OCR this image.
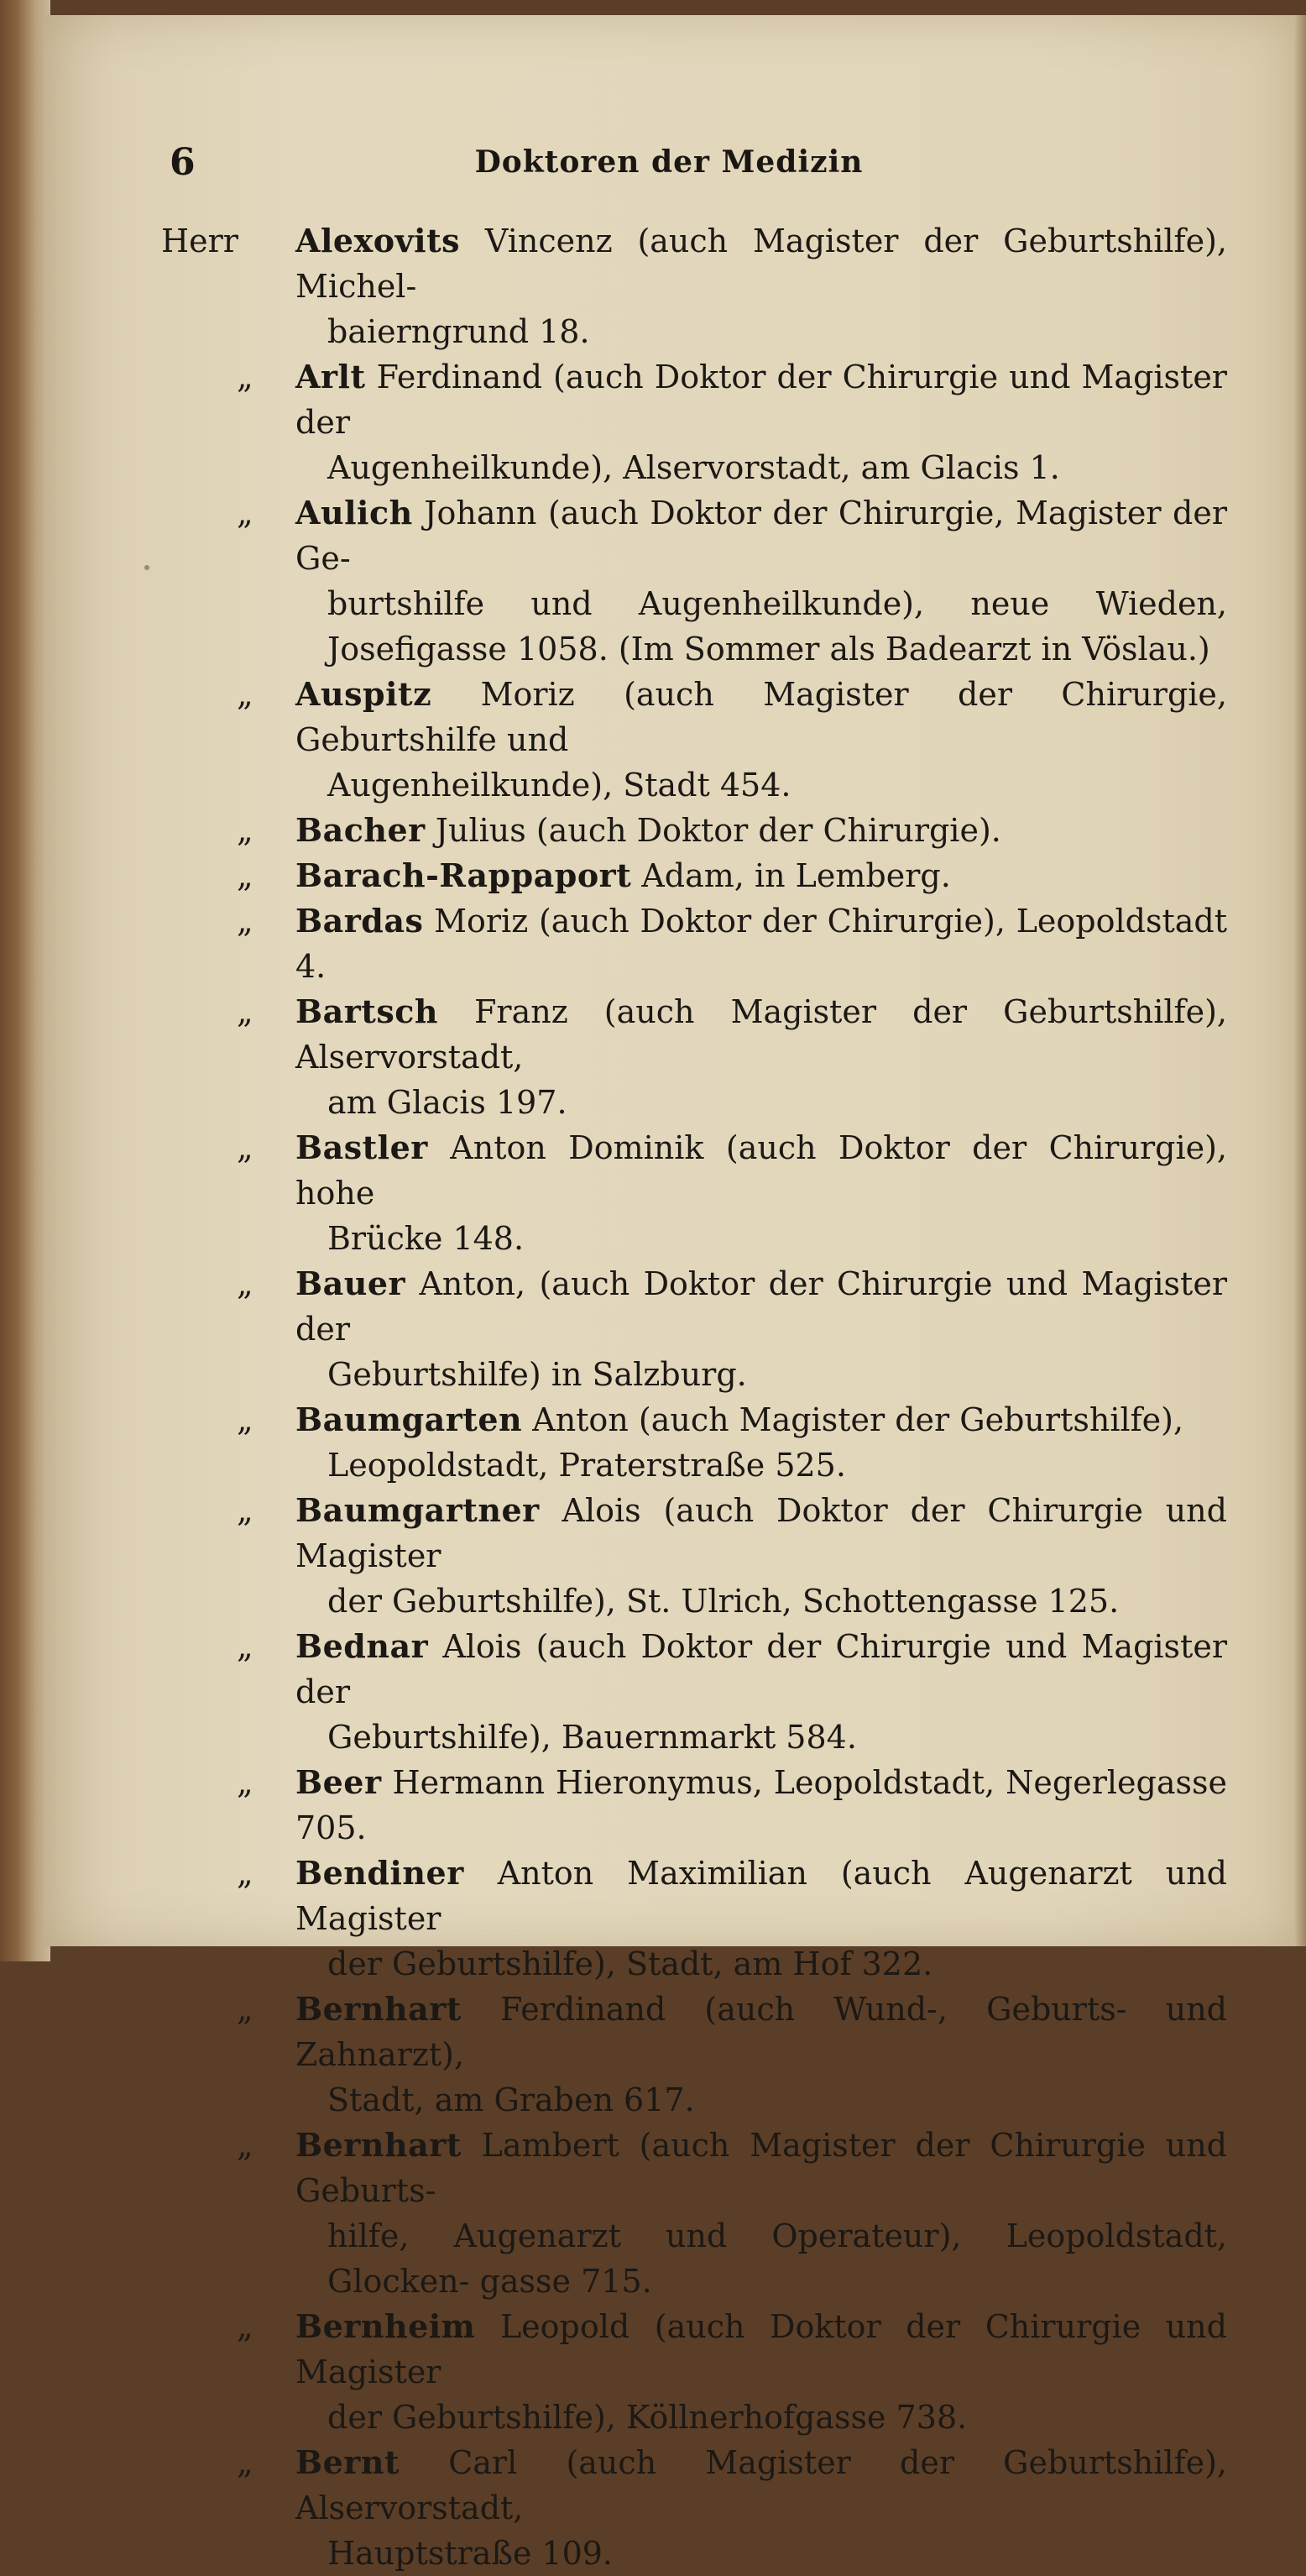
6	Doktoren der Medizin
Herr Alexovits Vincenz (auch Magister der Geburtshilfe), Michel-
baierngrund 18.
„ Arlt Ferdinand (auch Doktor der Chirurgie und Magister der
Augenheilkunde), Alservorstadt, am Glacis 1.
„ Aulich Johann (auch Doktor der Chirurgie, Magister der Ge-
burtshilfe und Augenheilkunde), neue Wieden, Josefigasse 1058. (Im Sommer als Badearzt in Vöslau.)
„ Auspitz Moriz (auch Magister der Chirurgie, Geburtshilfe und
Augenheilkunde), Stadt 454.
„ Bacher Julius (auch Doktor der Chirurgie).
„ Barach-Rappaport Adam, in Lemberg.
„ Bardas Moriz (auch Doktor der Chirurgie), Leopoldstadt 4.
„ Bartsch Franz (auch Magister der Geburtshilfe), Alservorstadt,
am Glacis 197.
„ Bastler Anton Dominik (auch Doktor der Chirurgie), hohe
Brücke 148.
„ Bauer Anton, (auch Doktor der Chirurgie und Magister der
Geburtshilfe) in Salzburg.
„ Baumgarten Anton (auch Magister der Geburtshilfe),
Leopoldstadt, Praterstraße 525.
„ Baumgartner Alois (auch Doktor der Chirurgie und Magister
der Geburtshilfe), St. Ulrich, Schottengasse 125.
„ Bednar Alois (auch Doktor der Chirurgie und Magister der
Geburtshilfe), Bauernmarkt 584.
„ Beer Hermann Hieronymus, Leopoldstadt, Negerlegasse 705.
„ Bendiner Anton Maximilian (auch Augenarzt und Magister
der Geburtshilfe), Stadt, am Hof 322.
„ Bernhart Ferdinand (auch Wund-, Geburts- und Zahnarzt),
Stadt, am Graben 617.
„ Bernhart Lambert (auch Magister der Chirurgie und Geburts-
hilfe, Augenarzt und Operateur), Leopoldstadt, Glocken- gasse 715.
„ Bernheim Leopold (auch Doktor der Chirurgie und Magister
der Geburtshilfe), Köllnerhofgasse 738.
„ Bernt Carl (auch Magister der Geburtshilfe), Alservorstadt,
Hauptstraße 109.
